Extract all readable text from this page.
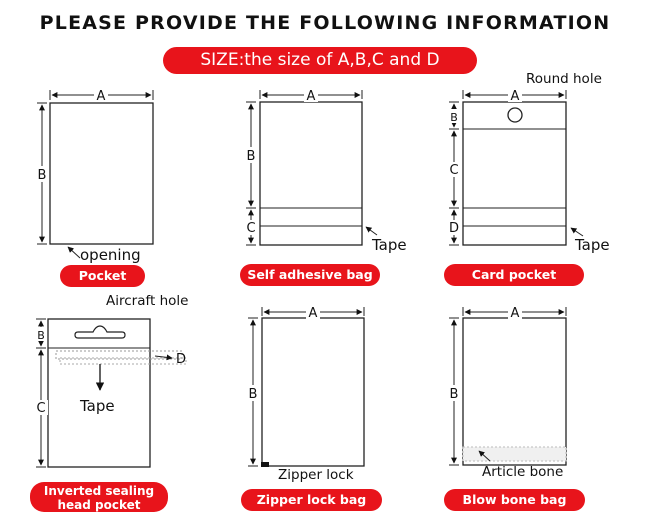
PLEASE PROVIDE THE FOLLOWING INFORMATION
SIZE:the size of A,B,C and D
A	A	A
A	A
B
B
B
B
B	B
C
C
C
D
D
opening
Tape	Tape
Round hole
Aircraft hole
Tape
Zipper lock	Article bone
Pocket	Self adhesive bag	Card pocket
Inverted sealing
head pocket	Zipper lock bag	Blow bone bag
